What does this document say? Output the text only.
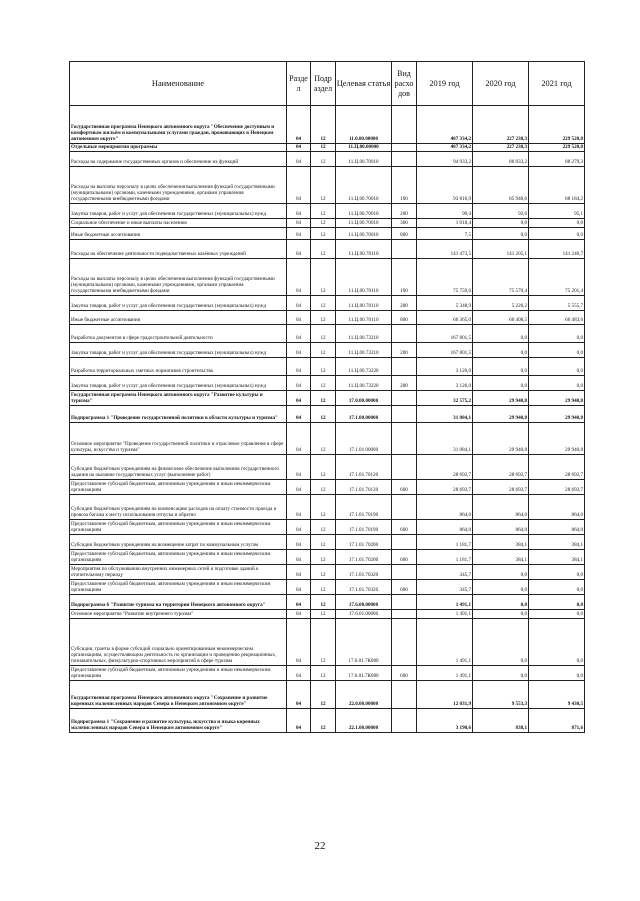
Наименование	Разде л	Подр аздел	Целевая статья	Вид расхо дов	2019 год	2020 год	2021 год
Государственная программа Ненецкого автономного округа "Обеспечение доступным и комфортным жильём и коммунальными услугами граждан, проживающих в Ненецком автономном округе"	04	12	11.0.00.00000		407 334,2	227 238,3	229 520,0
Отдельные мероприятия программы	04	12	11.Ц.00.00000		407 334,2	227 238,3	229 520,0
Расходы на содержание государственных органов и обеспечение их функций	04	12	11.Ц.00.70010		94 933,2	86 033,2	88 279,3
Расходы на выплаты персоналу в целях обеспечения выполнения функций государственными (муниципальными) органами, казенными учреждениями, органами управления государственными внебюджетными фондами	04	12	11.Ц.00.70010	100	93 816,9	85 940,6	88 184,2
Закупка товаров, работ и услуг для обеспечения государственных (муниципальных) нужд	04	12	11.Ц.00.70010	200	90,4	92,6	95,1
Социальное обеспечение и иные выплаты населению	04	12	11.Ц.00.70010	300	1 018,4	0,0	0,0
Иные бюджетные ассигнования	04	12	11.Ц.00.70010	800	7,5	0,0	0,0
Расходы на обеспечение деятельности подведомственных казённых учреждений	04	12	11.Ц.00.70110		141 473,5	141 205,1	141 240,7
Расходы на выплаты персоналу в целях обеспечения выполнения функций государственными (муниципальными) органами, казенными учреждениями, органами управления государственными внебюджетными фондами	04	12	11.Ц.00.70110	100	75 759,6	75 570,4	75 201,4
Закупка товаров, работ и услуг для обеспечения государственных (муниципальных) нужд	04	12	11.Ц.00.70110	200	5 348,9	5 226,2	5 555,7
Иные бюджетные ассигнования	04	12	11.Ц.00.70110	800	60 365,0	60 408,5	60 483,6
Разработка документов в сфере градостроительной деятельности	04	12	11.Ц.00.73210		167 801,5	0,0	0,0
Закупка товаров, работ и услуг для обеспечения государственных (муниципальных) нужд	04	12	11.Ц.00.73210	200	167 801,5	0,0	0,0
Разработка территориальных сметных нормативов строительства	04	12	11.Ц.00.73220		3 126,0	0,0	0,0
Закупка товаров, работ и услуг для обеспечения государственных (муниципальных) нужд	04	12	11.Ц.00.73220	200	3 126,0	0,0	0,0
Государственная программа Ненецкого автономного округа "Развитие культуры и туризма"	04	12	17.0.00.00000		32 575,2	29 940,8	29 940,8
Подпрограмма 1 "Проведение государственной политики в области культуры и туризма"	04	12	17.1.00.00000		31 084,1	29 940,8	29 940,8
Основное мероприятие "Проведение государственной политики и отраслевое управление в сфере культуры, искусства и туризма"	04	12	17.1.01.00000		31 084,1	29 940,8	29 940,8
Субсидии бюджетным учреждениям на финансовое обеспечение выполнения государственного задания на оказание государственных услуг (выполнение работ)	04	12	17.1.01.70120		28 692,7	28 692,7	28 692,7
Предоставление субсидий бюджетным, автономным учреждениям и иным некоммерческим организациям	04	12	17.1.01.70120	600	28 692,7	28 692,7	28 692,7
Субсидии бюджетным учреждениям на компенсацию расходов на оплату стоимости проезда и провоза багажа к месту использования отпуска и обратно	04	12	17.1.01.70190		864,0	864,0	864,0
Предоставление субсидий бюджетным, автономным учреждениям и иным некоммерческим организациям	04	12	17.1.01.70190	600	864,0	864,0	864,0
Субсидии бюджетным учреждениям на возмещение затрат по коммунальным услугам	04	12	17.1.01.70200		1 181,7	384,1	384,1
Предоставление субсидий бюджетным, автономным учреждениям и иным некоммерческим организациям	04	12	17.1.01.70200	600	1 181,7	384,1	384,1
Мероприятия по обслуживанию внутренних инженерных сетей и подготовке зданий к отопительному периоду	04	12	17.1.01.70320		345,7	0,0	0,0
Предоставление субсидий бюджетным, автономным учреждениям и иным некоммерческим организациям	04	12	17.1.01.70320	600	345,7	0,0	0,0
Подпрограмма 6 "Развитие туризма на территории Ненецкого автономного округа"	04	12	17.6.00.00000		1 491,1	0,0	0,0
Основное мероприятие "Развитие внутреннего туризма"	04	12	17.6.01.00000		1 491,1	0,0	0,0
Субсидии, гранты в форме субсидий социально ориентированным некоммерческим организациям, осуществляющим деятельность по организации и проведению рекреационных, познавательных, физкультурно-спортивных мероприятий в сфере туризма	04	12	17.6.01.7К080		1 491,1	0,0	0,0
Предоставление субсидий бюджетным, автономным учреждениям и иным некоммерческим организациям	04	12	17.6.01.7К080	600	1 491,1	0,0	0,0
Государственная программа Ненецкого автономного округа "Сохранение и развитие коренных малочисленных народов Севера в Ненецком автономном округе"	04	12	22.0.00.00000		12 031,9	9 553,3	9 430,5
Подпрограмма 1 "Сохранение и развитие культуры, искусства и языка коренных малочисленных народов Севера в Ненецком автономном округе"	04	12	22.1.00.00000		3 190,6	838,1	871,6
22
